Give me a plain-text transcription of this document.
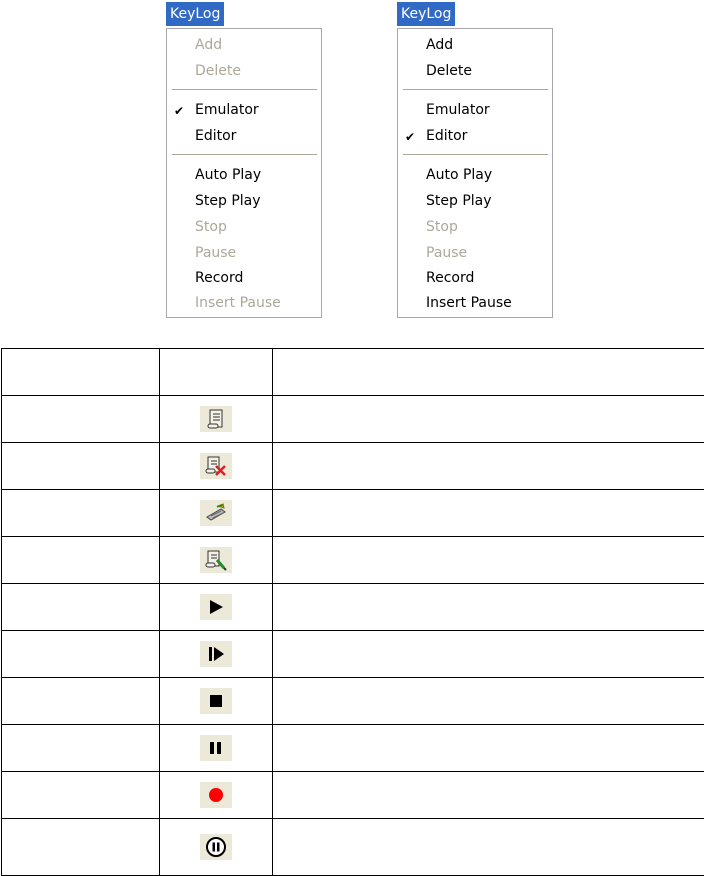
KeyLog
Add
Delete
✔ Emulator
Editor
Auto Play
Step Play
Stop
Pause
Record
Insert Pause
KeyLog
Add
Delete
Emulator
✔ Editor
Auto Play
Step Play
Stop
Pause
Record
Insert Pause
